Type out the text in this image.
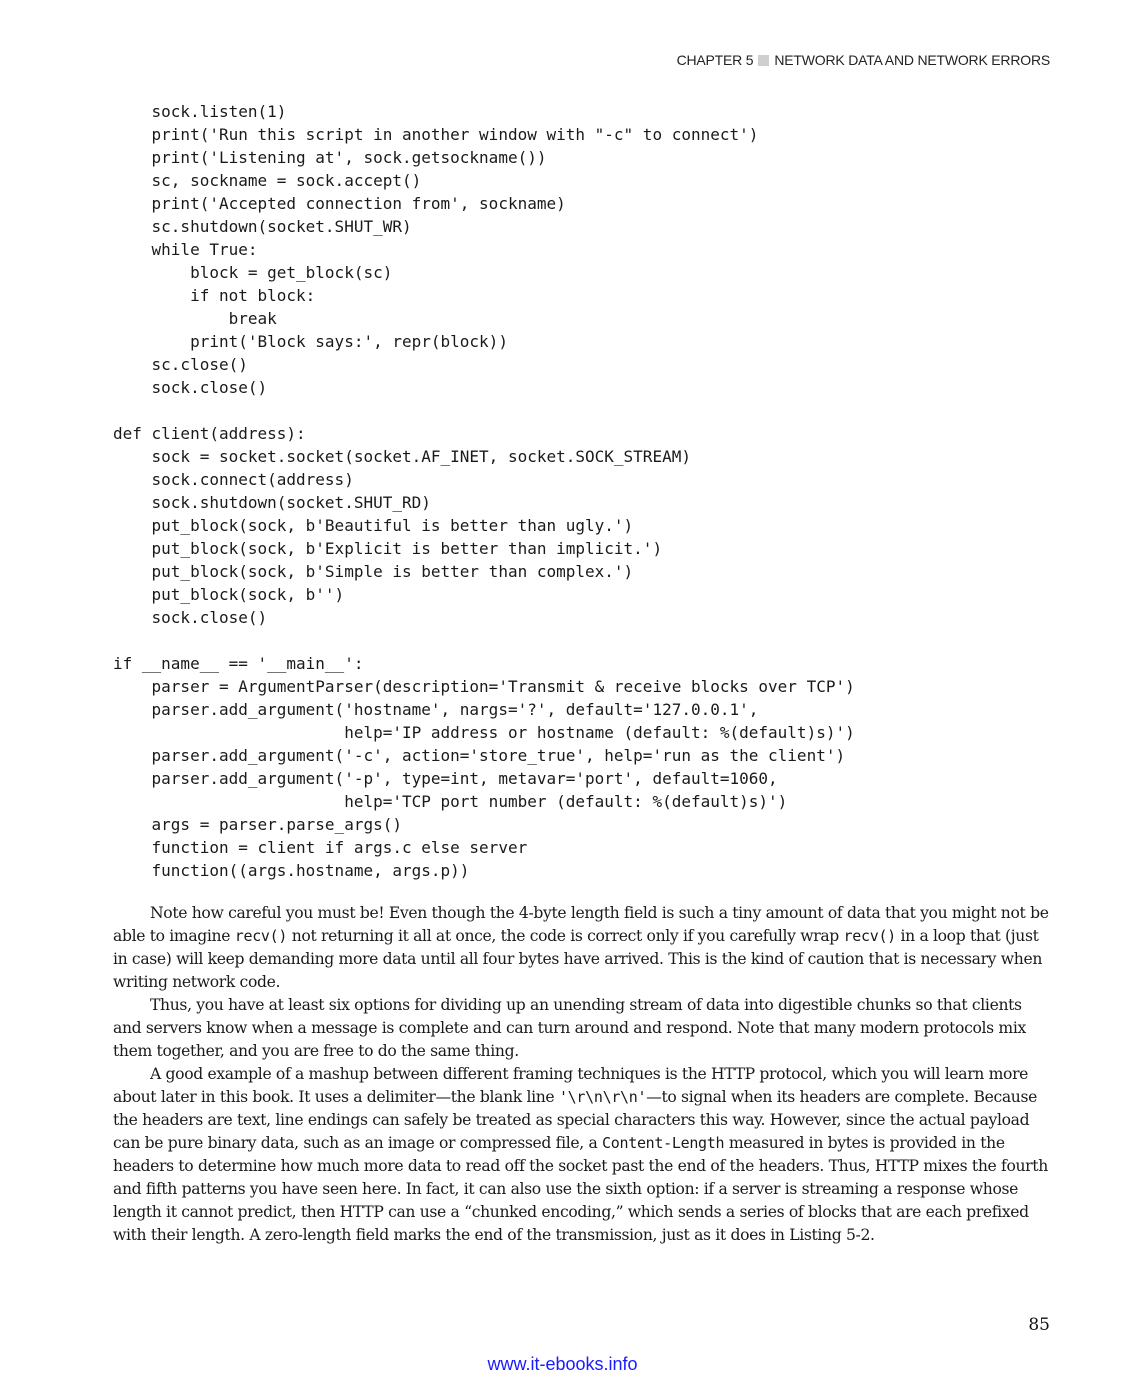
CHAPTER 5 NETWORK DATA AND NETWORK ERRORS
sock.listen(1)
print('Run this script in another window with "-c" to connect')
print('Listening at', sock.getsockname())
sc, sockname = sock.accept()
print('Accepted connection from', sockname)
sc.shutdown(socket.SHUT_WR)
while True:
block = get_block(sc)
if not block:
break
print('Block says:', repr(block))
sc.close()
sock.close()
def client(address):
sock = socket.socket(socket.AF_INET, socket.SOCK_STREAM)
sock.connect(address)
sock.shutdown(socket.SHUT_RD)
put_block(sock, b'Beautiful is better than ugly.')
put_block(sock, b'Explicit is better than implicit.')
put_block(sock, b'Simple is better than complex.')
put_block(sock, b'')
sock.close()
if __name__ == '__main__':
parser = ArgumentParser(description='Transmit & receive blocks over TCP')
parser.add_argument('hostname', nargs='?', default='127.0.0.1',
help='IP address or hostname (default: %(default)s)')
parser.add_argument('-c', action='store_true', help='run as the client')
parser.add_argument('-p', type=int, metavar='port', default=1060,
help='TCP port number (default: %(default)s)')
args = parser.parse_args()
function = client if args.c else server
function((args.hostname, args.p))

Note how careful you must be! Even though the 4-byte length field is such a tiny amount of data that you might not be able to imagine recv() not returning it all at once, the code is correct only if you carefully wrap recv() in a loop that (just in case) will keep demanding more data until all four bytes have arrived. This is the kind of caution that is necessary when writing network code.

Thus, you have at least six options for dividing up an unending stream of data into digestible chunks so that clients and servers know when a message is complete and can turn around and respond. Note that many modern protocols mix them together, and you are free to do the same thing.

A good example of a mashup between different framing techniques is the HTTP protocol, which you will learn more about later in this book. It uses a delimiter—the blank line '\r\n\r\n'—to signal when its headers are complete. Because the headers are text, line endings can safely be treated as special characters this way. However, since the actual payload can be pure binary data, such as an image or compressed file, a Content-Length measured in bytes is provided in the headers to determine how much more data to read off the socket past the end of the headers. Thus, HTTP mixes the fourth and fifth patterns you have seen here. In fact, it can also use the sixth option: if a server is streaming a response whose length it cannot predict, then HTTP can use a “chunked encoding,” which sends a series of blocks that are each prefixed with their length. A zero-length field marks the end of the transmission, just as it does in Listing 5-2.

85
www.it-ebooks.info
